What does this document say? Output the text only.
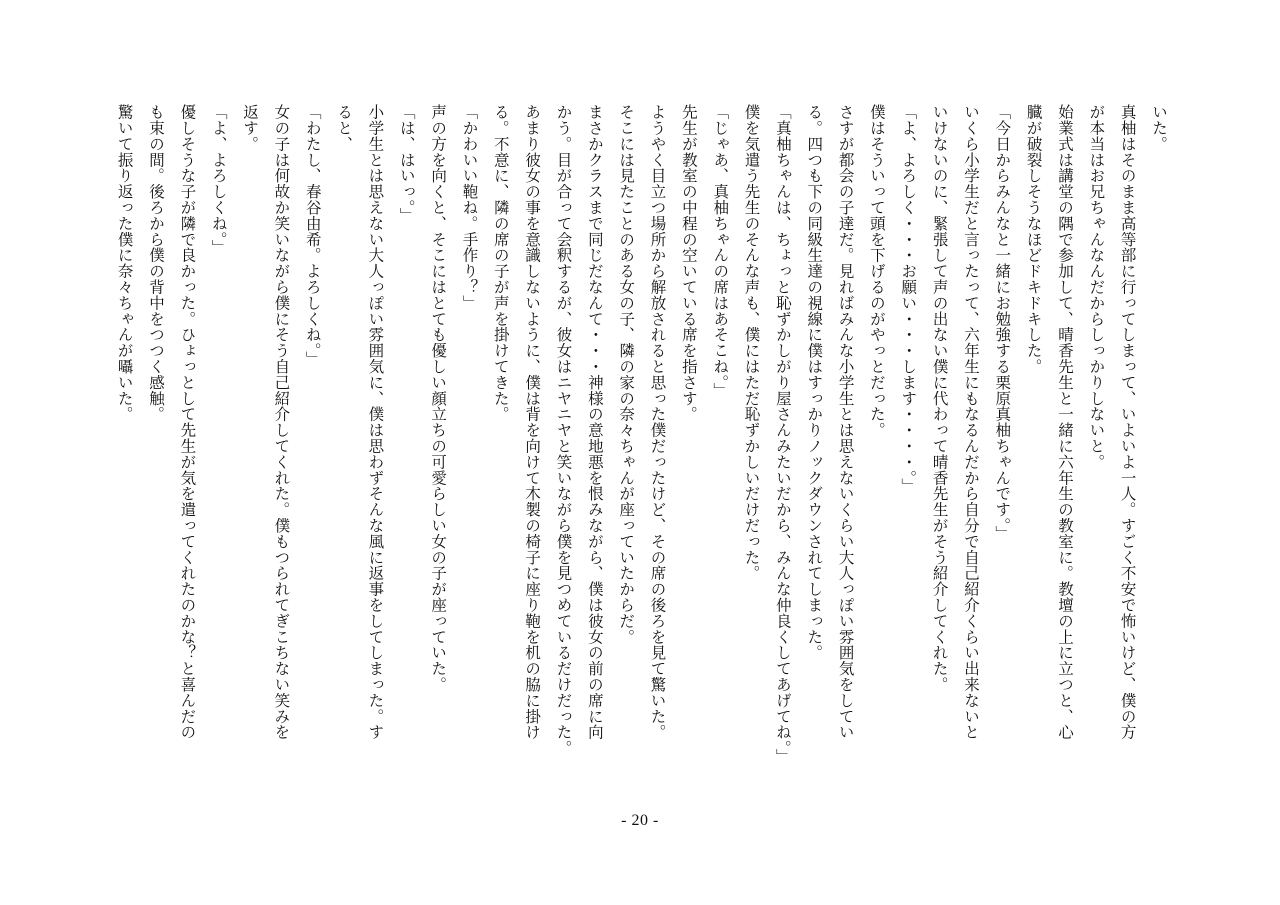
いた。
真柚はそのまま高等部に行ってしまって、いよいよ一人。すごく不安で怖いけど、僕の方
が本当はお兄ちゃんなんだからしっかりしないと。
始業式は講堂の隅で参加して、晴香先生と一緒に六年生の教室に。教壇の上に立つと、心
臓が破裂しそうなほどドキドキした。
「今日からみんなと一緒にお勉強する栗原真柚ちゃんです。」
いくら小学生だと言ったって、六年生にもなるんだから自分で自己紹介くらい出来ないと
いけないのに、緊張して声の出ない僕に代わって晴香先生がそう紹介してくれた。
「よ、よろしく・・・お願い・・・します・・・・。」
僕はそういって頭を下げるのがやっとだった。
さすが都会の子達だ。見ればみんな小学生とは思えないくらい大人っぽい雰囲気をしてい
る。四つも下の同級生達の視線に僕はすっかりノックダウンされてしまった。
「真柚ちゃんは、ちょっと恥ずかしがり屋さんみたいだから、みんな仲良くしてあげてね。」
僕を気遣う先生のそんな声も、僕にはただ恥ずかしいだけだった。
「じゃあ、真柚ちゃんの席はあそこね。」
先生が教室の中程の空いている席を指さす。
ようやく目立つ場所から解放されると思った僕だったけど、その席の後ろを見て驚いた。
そこには見たことのある女の子、隣の家の奈々ちゃんが座っていたからだ。
まさかクラスまで同じだなんて・・・神様の意地悪を恨みながら、僕は彼女の前の席に向
かう。目が合って会釈するが、彼女はニヤニヤと笑いながら僕を見つめているだけだった。
あまり彼女の事を意識しないように、僕は背を向けて木製の椅子に座り鞄を机の脇に掛け
る。不意に、隣の席の子が声を掛けてきた。
「かわいい鞄ね。手作り？」
声の方を向くと、そこにはとても優しい顔立ちの可愛らしい女の子が座っていた。
「は、はいっ。」
小学生とは思えない大人っぽい雰囲気に、僕は思わずそんな風に返事をしてしまった。す
ると、
「わたし、春谷由希。よろしくね。」
女の子は何故か笑いながら僕にそう自己紹介してくれた。僕もつられてぎこちない笑みを
返す。
「よ、よろしくね。」
優しそうな子が隣で良かった。ひょっとして先生が気を遣ってくれたのかな？と喜んだの
も束の間。後ろから僕の背中をつつく感触。
驚いて振り返った僕に奈々ちゃんが囁いた。
- 20 -
